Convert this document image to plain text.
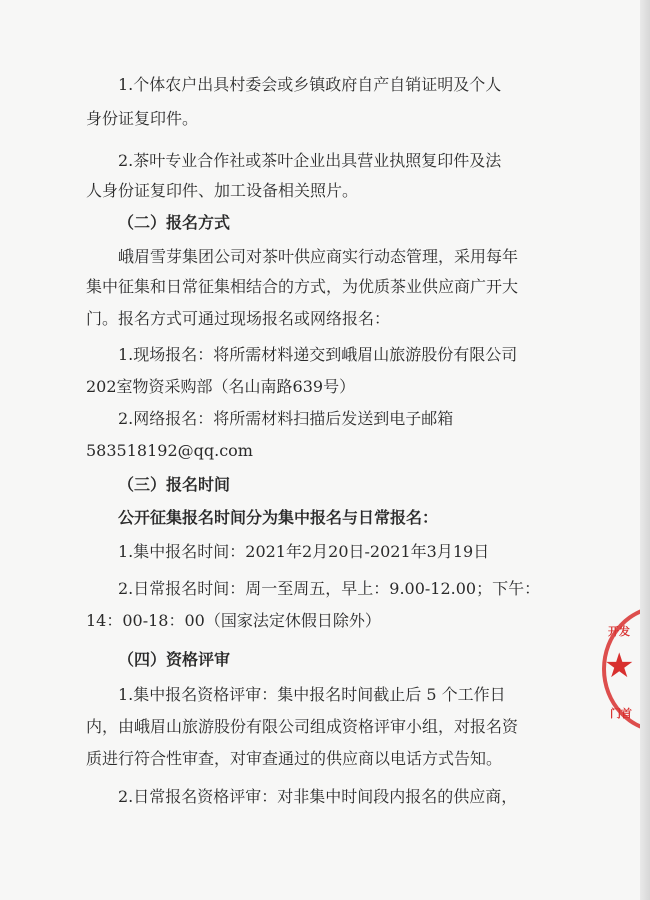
1.个体农户出具村委会或乡镇政府自产自销证明及个人
身份证复印件。
2.茶叶专业合作社或茶叶企业出具营业执照复印件及法
人身份证复印件、加工设备相关照片。
（二）报名方式
峨眉雪芽集团公司对茶叶供应商实行动态管理，采用每年
集中征集和日常征集相结合的方式，为优质茶业供应商广开大
门。报名方式可通过现场报名或网络报名：
1.现场报名：将所需材料递交到峨眉山旅游股份有限公司
202室物资采购部（名山南路639号）
2.网络报名：将所需材料扫描后发送到电子邮箱
583518192@qq.com
（三）报名时间
公开征集报名时间分为集中报名与日常报名：
1.集中报名时间：2021年2月20日-2021年3月19日
2.日常报名时间：周一至周五，早上：9.00-12.00；下午：
14：00-18：00（国家法定休假日除外）
（四）资格评审
1.集中报名资格评审：集中报名时间截止后 5 个工作日
内，由峨眉山旅游股份有限公司组成资格评审小组，对报名资
质进行符合性审查，对审查通过的供应商以电话方式告知。
2.日常报名资格评审：对非集中时间段内报名的供应商，
开发
★
门首
